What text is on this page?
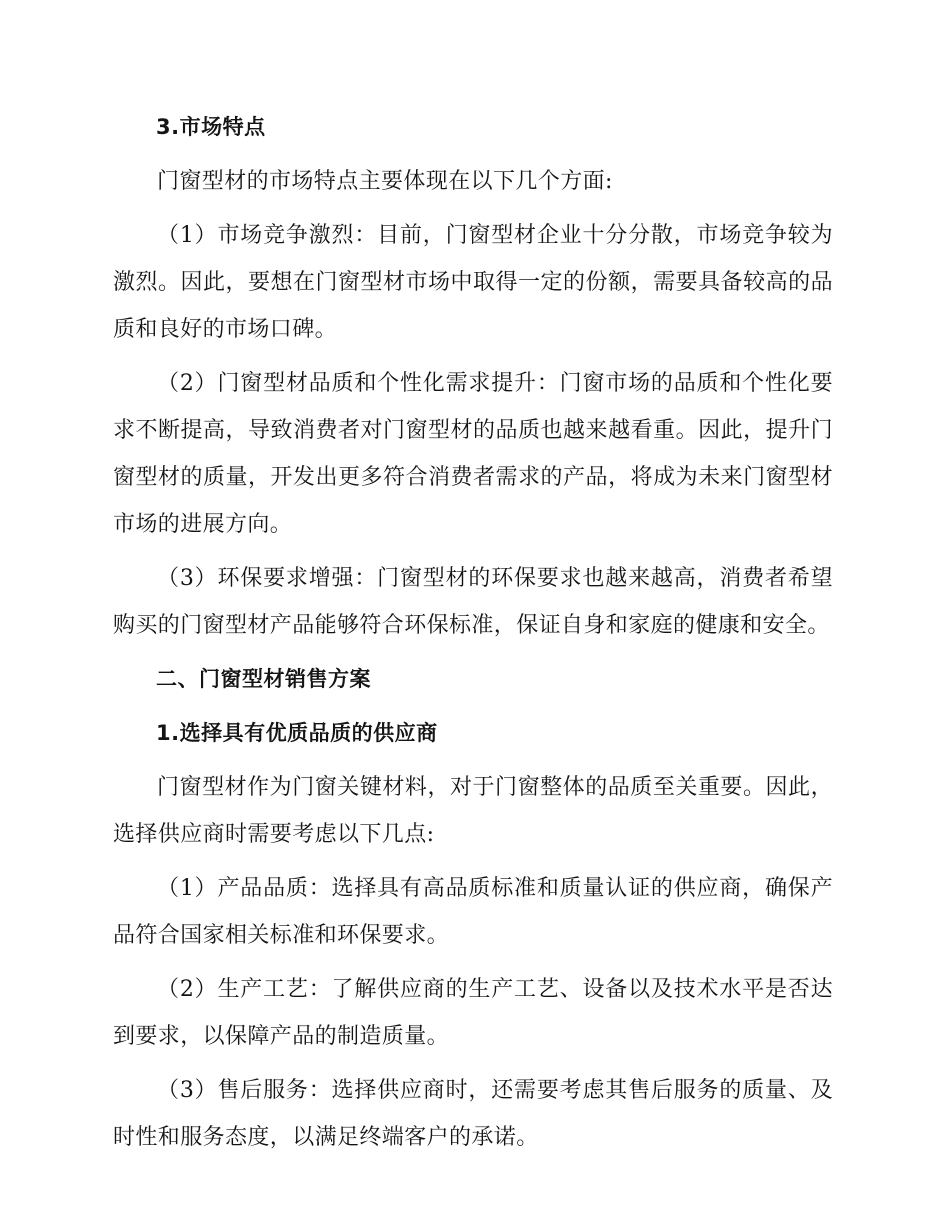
3.市场特点
门窗型材的市场特点主要体现在以下几个方面:
（1）市场竞争激烈：目前，门窗型材企业十分分散，市场竞争较为激烈。因此，要想在门窗型材市场中取得一定的份额，需要具备较高的品质和良好的市场口碑。
（2）门窗型材品质和个性化需求提升：门窗市场的品质和个性化要求不断提高，导致消费者对门窗型材的品质也越来越看重。因此，提升门窗型材的质量，开发出更多符合消费者需求的产品，将成为未来门窗型材市场的进展方向。
（3）环保要求增强：门窗型材的环保要求也越来越高，消费者希望购买的门窗型材产品能够符合环保标准，保证自身和家庭的健康和安全。
二、门窗型材销售方案
1.选择具有优质品质的供应商
门窗型材作为门窗关键材料，对于门窗整体的品质至关重要。因此，选择供应商时需要考虑以下几点:
（1）产品品质：选择具有高品质标准和质量认证的供应商，确保产品符合国家相关标准和环保要求。
（2）生产工艺：了解供应商的生产工艺、设备以及技术水平是否达到要求，以保障产品的制造质量。
（3）售后服务：选择供应商时，还需要考虑其售后服务的质量、及时性和服务态度，以满足终端客户的承诺。
